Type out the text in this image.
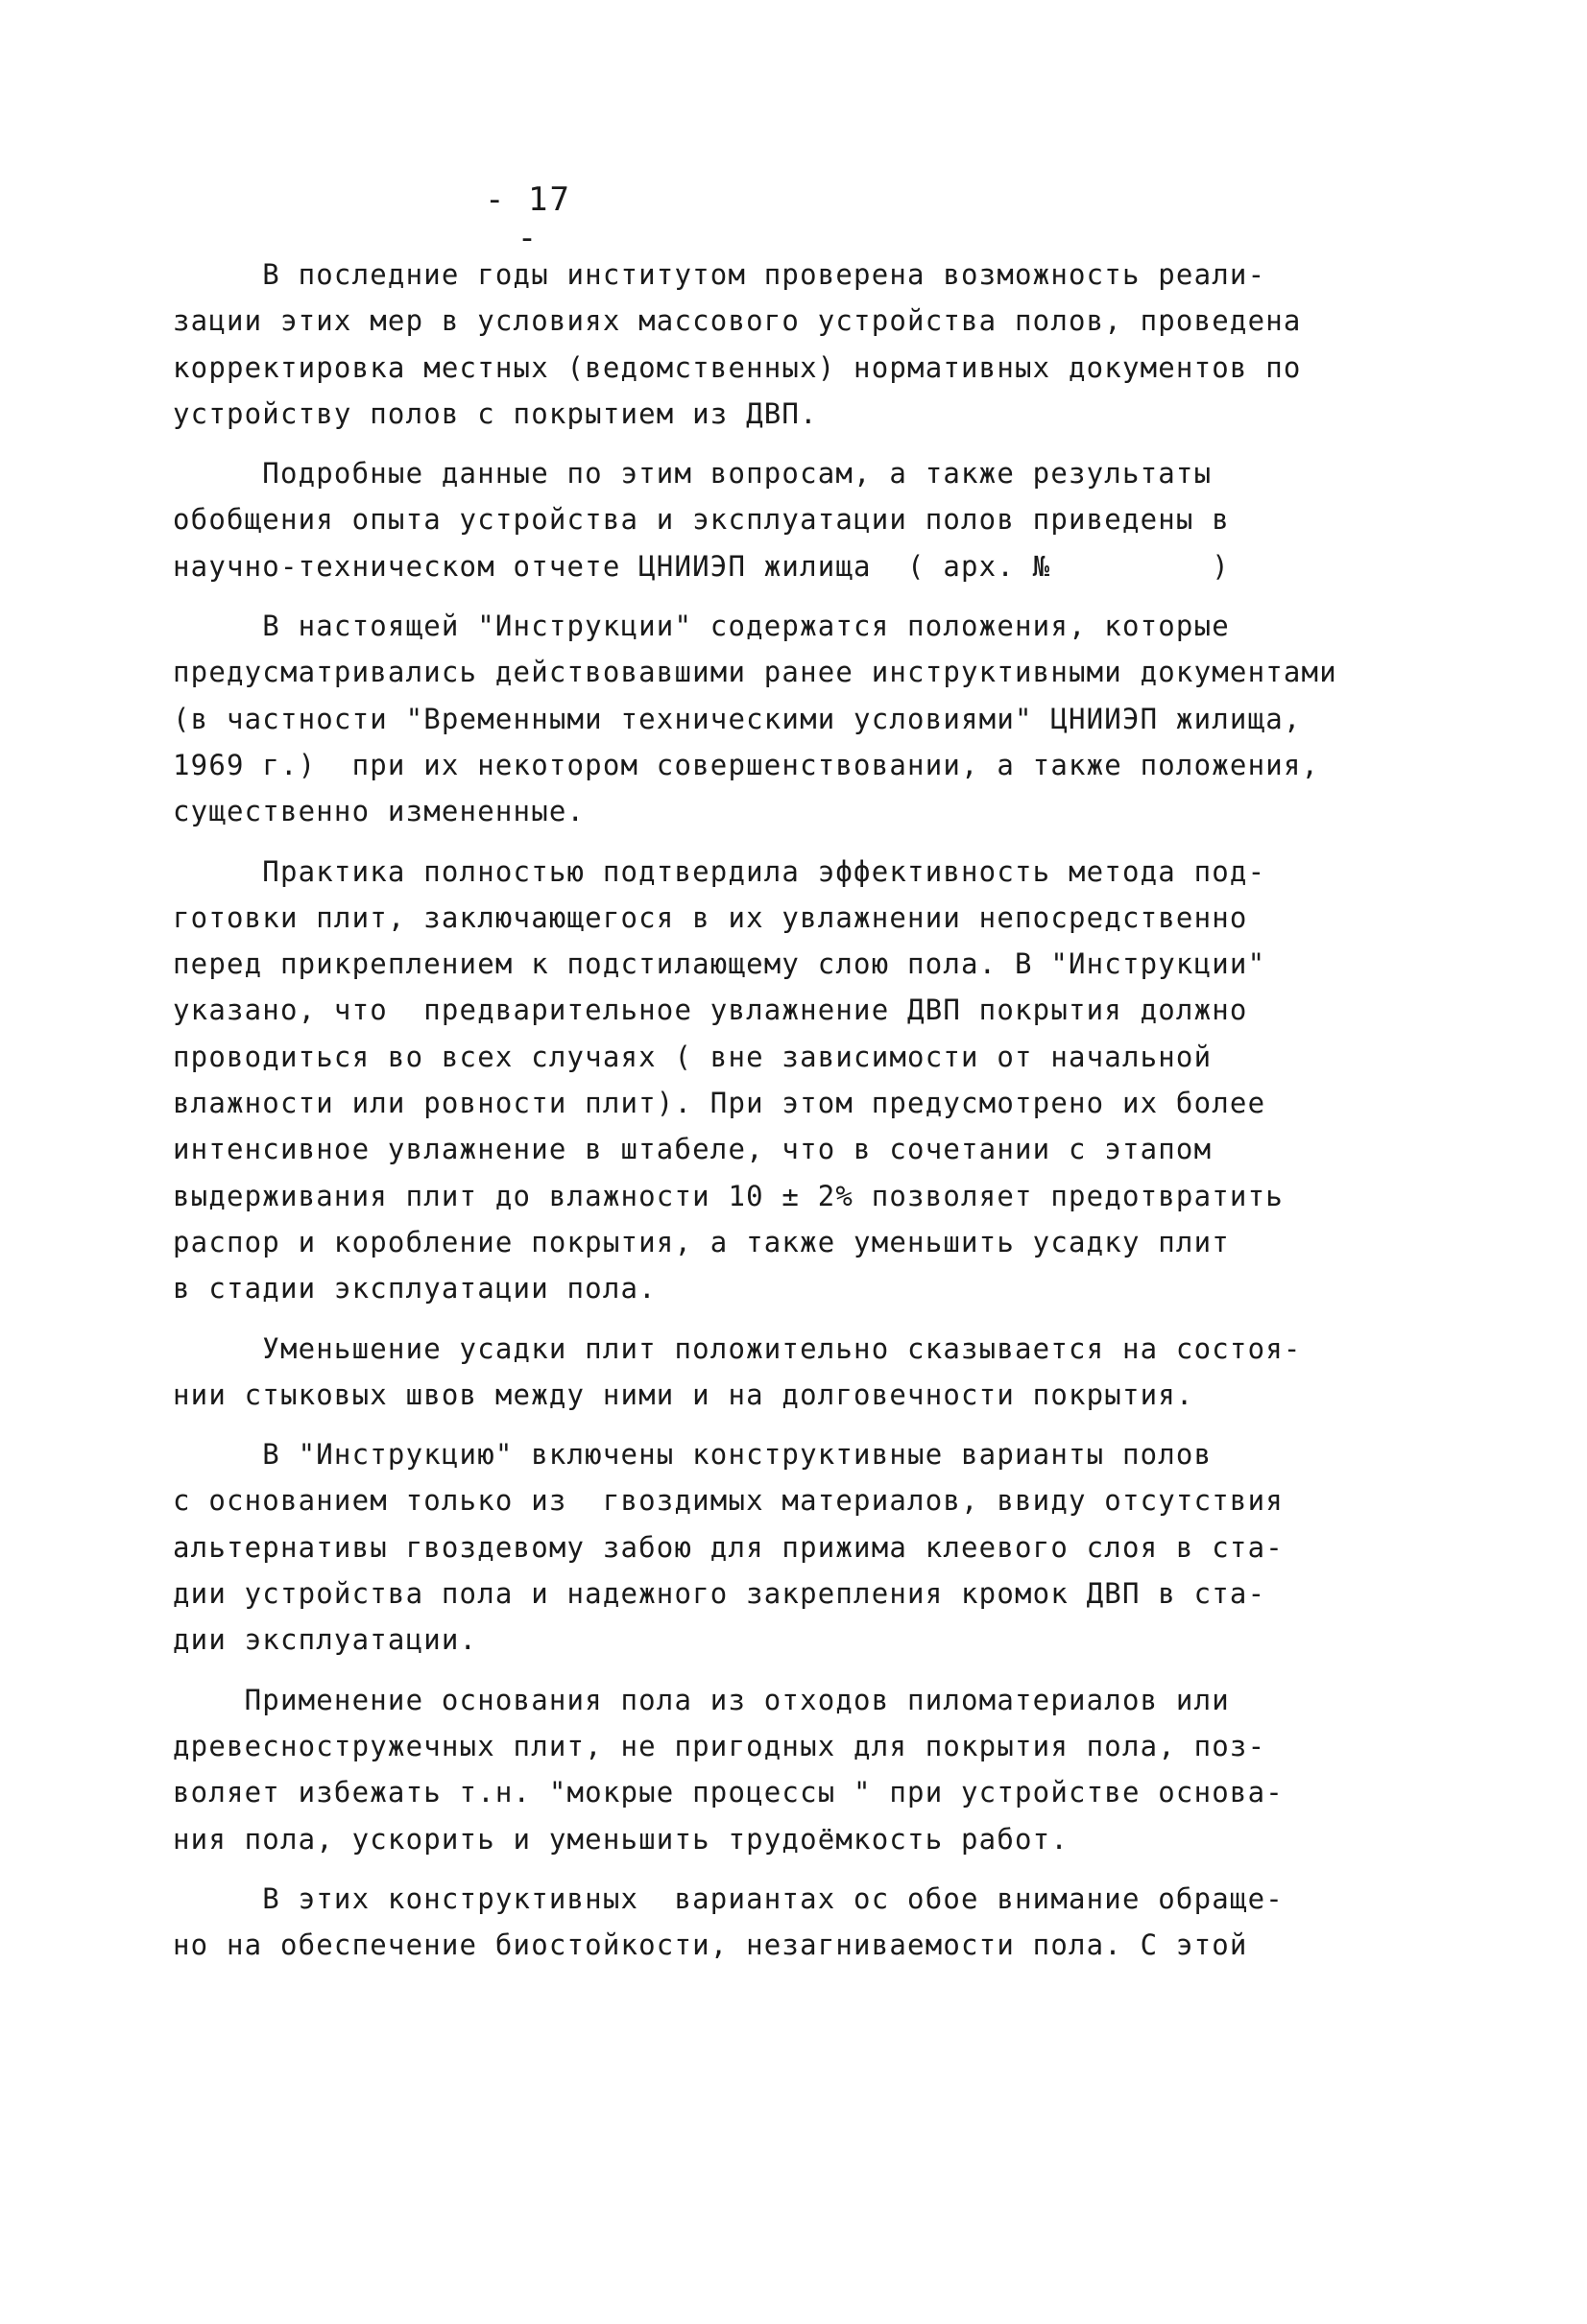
- 17 -
В последние годы институтом проверена возможность реали-
зации этих мер в условиях массового устройства полов, проведена
корректировка местных (ведомственных) нормативных документов по
устройству полов с покрытием из ДВП.
Подробные данные по этим вопросам, а также результаты
обобщения опыта устройства и эксплуатации полов приведены в
научно-техническом отчете ЦНИИЭП жилища  ( арх. №         )
В настоящей "Инструкции" содержатся положения, которые
предусматривались действовавшими ранее инструктивными документами
(в частности "Временными техническими условиями" ЦНИИЭП жилища,
1969 г.)  при их некотором совершенствовании, а также положения,
существенно измененные.
Практика полностью подтвердила эффективность метода под-
готовки плит, заключающегося в их увлажнении непосредственно
перед прикреплением к подстилающему слою пола. В "Инструкции"
указано, что  предварительное увлажнение ДВП покрытия должно
проводиться во всех случаях ( вне зависимости от начальной
влажности или ровности плит). При этом предусмотрено их более
интенсивное увлажнение в штабеле, что в сочетании с этапом
выдерживания плит до влажности 10 ± 2% позволяет предотвратить
распор и коробление покрытия, а также уменьшить усадку плит
в стадии эксплуатации пола.
Уменьшение усадки плит положительно сказывается на состоя-
нии стыковых швов между ними и на долговечности покрытия.
В "Инструкцию" включены конструктивные варианты полов
с основанием только из  гвоздимых материалов, ввиду отсутствия
альтернативы гвоздевому забою для прижима клеевого слоя в ста-
дии устройства пола и надежного закрепления кромок ДВП в ста-
дии эксплуатации.
Применение основания пола из отходов пиломатериалов или
древесностружечных плит, не пригодных для покрытия пола, поз-
воляет избежать т.н. "мокрые процессы " при устройстве основа-
ния пола, ускорить и уменьшить трудоёмкость работ.
В этих конструктивных  вариантах ос обое внимание обраще-
но на обеспечение биостойкости, незагниваемости пола. С этой
